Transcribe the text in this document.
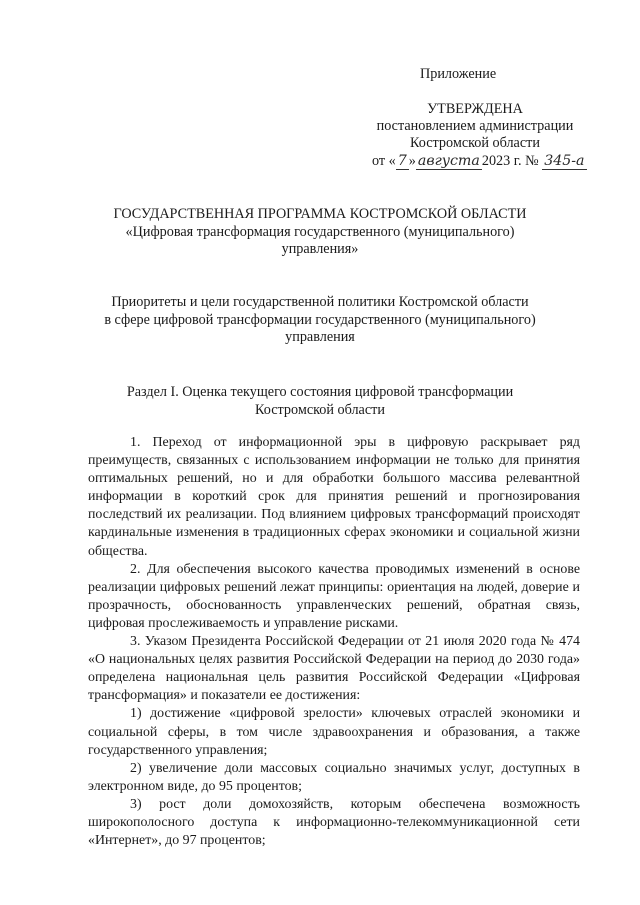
Приложение
УТВЕРЖДЕНА
постановлением администрации
Костромской области
от « 7 » августа 2023 г. № 345-а
ГОСУДАРСТВЕННАЯ ПРОГРАММА КОСТРОМСКОЙ ОБЛАСТИ
«Цифровая трансформация государственного (муниципального)
управления»
Приоритеты и цели государственной политики Костромской области
в сфере цифровой трансформации государственного (муниципального)
управления
Раздел I. Оценка текущего состояния цифровой трансформации
Костромской области

1. Переход от информационной эры в цифровую раскрывает ряд преимуществ, связанных с использованием информации не только для принятия оптимальных решений, но и для обработки большого массива релевантной информации в короткий срок для принятия решений и прогнозирования последствий их реализации. Под влиянием цифровых трансформаций происходят кардинальные изменения в традиционных сферах экономики и социальной жизни общества.

2. Для обеспечения высокого качества проводимых изменений в основе реализации цифровых решений лежат принципы: ориентация на людей, доверие и прозрачность, обоснованность управленческих решений, обратная связь, цифровая прослеживаемость и управление рисками.

3. Указом Президента Российской Федерации от 21 июля 2020 года № 474 «О национальных целях развития Российской Федерации на период до 2030 года» определена национальная цель развития Российской Федерации «Цифровая трансформация» и показатели ее достижения:

1) достижение «цифровой зрелости» ключевых отраслей экономики и социальной сферы, в том числе здравоохранения и образования, а также государственного управления;

2) увеличение доли массовых социально значимых услуг, доступных в электронном виде, до 95 процентов;

3) рост доли домохозяйств, которым обеспечена возможность широкополосного доступа к информационно-телекоммуникационной сети «Интернет», до 97 процентов;
